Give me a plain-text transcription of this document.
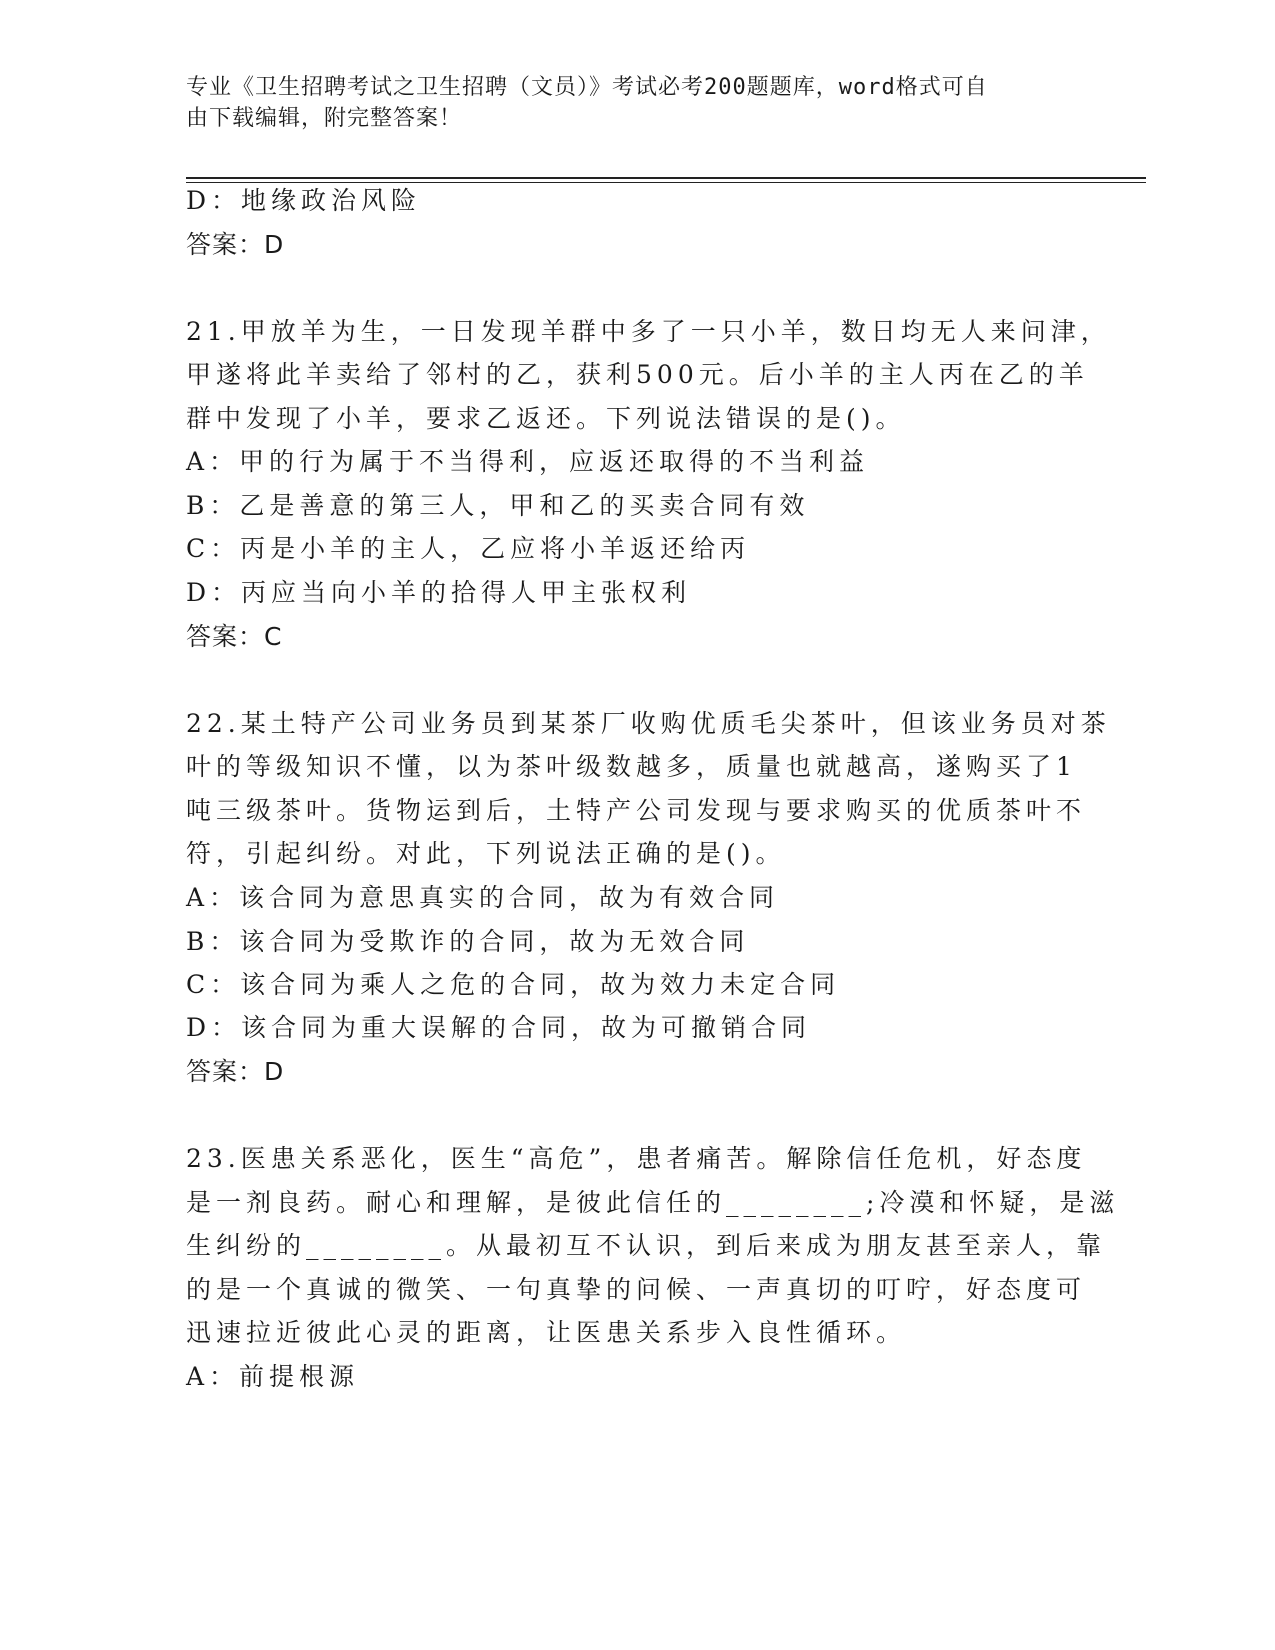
专业《卫生招聘考试之卫生招聘（文员）》考试必考200题题库，word格式可自
由下载编辑，附完整答案！
D：地缘政治风险
答案：D
21.甲放羊为生，一日发现羊群中多了一只小羊，数日均无人来问津，
甲遂将此羊卖给了邻村的乙，获利500元。后小羊的主人丙在乙的羊
群中发现了小羊，要求乙返还。下列说法错误的是()。
A：甲的行为属于不当得利，应返还取得的不当利益
B：乙是善意的第三人，甲和乙的买卖合同有效
C：丙是小羊的主人，乙应将小羊返还给丙
D：丙应当向小羊的拾得人甲主张权利
答案：C
22.某土特产公司业务员到某茶厂收购优质毛尖茶叶，但该业务员对茶
叶的等级知识不懂，以为茶叶级数越多，质量也就越高，遂购买了1
吨三级茶叶。货物运到后，土特产公司发现与要求购买的优质茶叶不
符，引起纠纷。对此，下列说法正确的是()。
A：该合同为意思真实的合同，故为有效合同
B：该合同为受欺诈的合同，故为无效合同
C：该合同为乘人之危的合同，故为效力未定合同
D：该合同为重大误解的合同，故为可撤销合同
答案：D
23.医患关系恶化，医生“高危”，患者痛苦。解除信任危机，好态度
是一剂良药。耐心和理解，是彼此信任的________;冷漠和怀疑，是滋
生纠纷的________。从最初互不认识，到后来成为朋友甚至亲人，靠
的是一个真诚的微笑、一句真挚的问候、一声真切的叮咛，好态度可
迅速拉近彼此心灵的距离，让医患关系步入良性循环。
A：前提根源
